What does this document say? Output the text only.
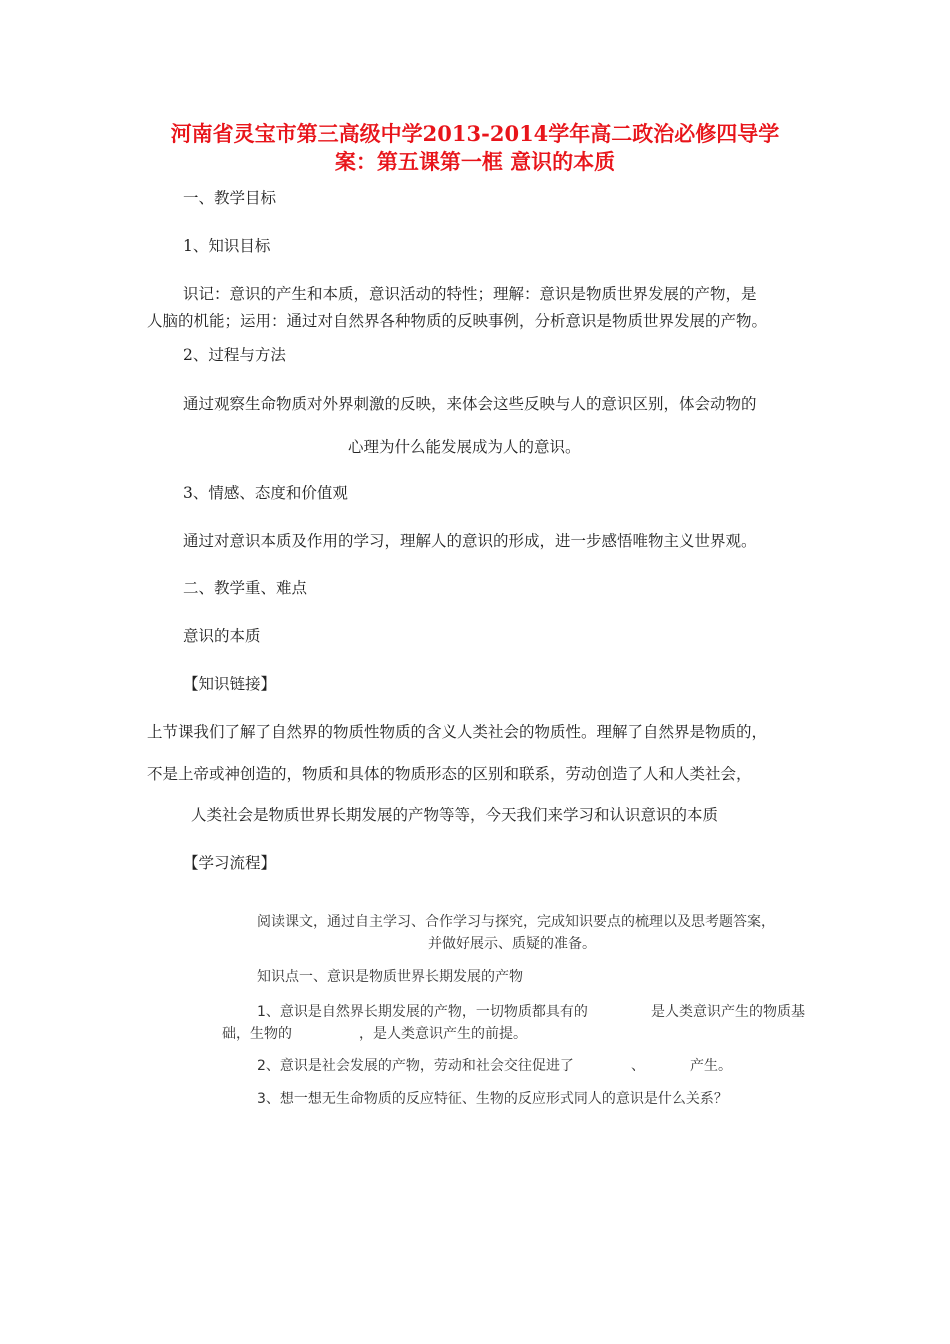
河南省灵宝市第三高级中学2013-2014学年高二政治必修四导学
案：第五课第一框 意识的本质
一、教学目标
1、知识目标
识记：意识的产生和本质，意识活动的特性；理解：意识是物质世界发展的产物，是
人脑的机能；运用：通过对自然界各种物质的反映事例，分析意识是物质世界发展的产物。
2、过程与方法
通过观察生命物质对外界刺激的反映，来体会这些反映与人的意识区别，体会动物的
心理为什么能发展成为人的意识。
3、情感、态度和价值观
通过对意识本质及作用的学习，理解人的意识的形成，进一步感悟唯物主义世界观。
二、教学重、难点
意识的本质
【知识链接】
上节课我们了解了自然界的物质性物质的含义人类社会的物质性。理解了自然界是物质的，
不是上帝或神创造的，物质和具体的物质形态的区别和联系，劳动创造了人和人类社会，
人类社会是物质世界长期发展的产物等等，今天我们来学习和认识意识的本质
【学习流程】
阅读课文，通过自主学习、合作学习与探究，完成知识要点的梳理以及思考题答案，
并做好展示、质疑的准备。
知识点一、意识是物质世界长期发展的产物
1、意识是自然界长期发展的产物，一切物质都具有的	是人类意识产生的物质基
础，生物的	，是人类意识产生的前提。
2、意识是社会发展的产物，劳动和社会交往促进了	、	产生。
3、想一想无生命物质的反应特征、生物的反应形式同人的意识是什么关系？
